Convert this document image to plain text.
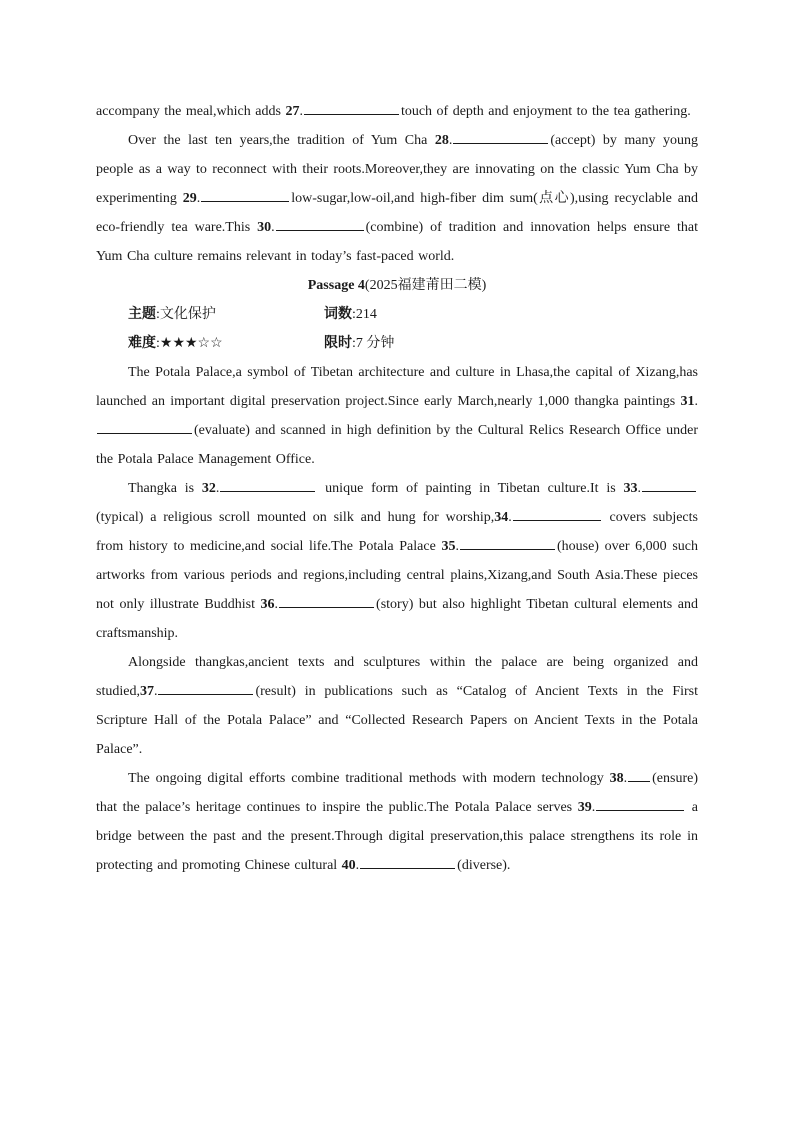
accompany the meal,which adds 27.	touch of depth and enjoyment to the tea gathering.

Over the last ten years,the tradition of Yum Cha 28.	(accept) by many young people as a way to reconnect with their roots.Moreover,they are innovating on the classic Yum Cha by experimenting 29.	low-sugar,low-oil,and high-fiber dim sum(点心),using recyclable and eco-friendly tea ware.This 30.	(combine) of tradition and innovation helps ensure that Yum Cha culture remains relevant in today’s fast-paced world.

Passage 4(2025福建莆田二模)

主题:文化保护	词数:214
难度:★★★☆☆	限时:7 分钟

The Potala Palace,a symbol of Tibetan architecture and culture in Lhasa,the capital of Xizang,has launched an important digital preservation project.Since early March,nearly 1,000 thangka paintings 31.(evaluate) and scanned in high definition by the Cultural Relics Research Office under the Potala Palace Management Office.

Thangka is 32.	unique form of painting in Tibetan culture.It is 33.(typical) a religious scroll mounted on silk and hung for worship,34.	covers subjects from history to medicine,and social life.The Potala Palace 35.	(house) over 6,000 such artworks from various periods and regions,including central plains,Xizang,and South Asia.These pieces not only illustrate Buddhist 36.	(story) but also highlight Tibetan cultural elements and craftsmanship.

Alongside thangkas,ancient texts and sculptures within the palace are being organized and studied,37.	(result) in publications such as “Catalog of Ancient Texts in the First Scripture Hall of the Potala Palace” and “Collected Research Papers on Ancient Texts in the Potala Palace”.

The ongoing digital efforts combine traditional methods with modern technology 38. (ensure) that the palace’s heritage continues to inspire the public.The Potala Palace serves 39.	a bridge between the past and the present.Through digital preservation,this palace strengthens its role in protecting and promoting Chinese cultural 40.	(diverse).
